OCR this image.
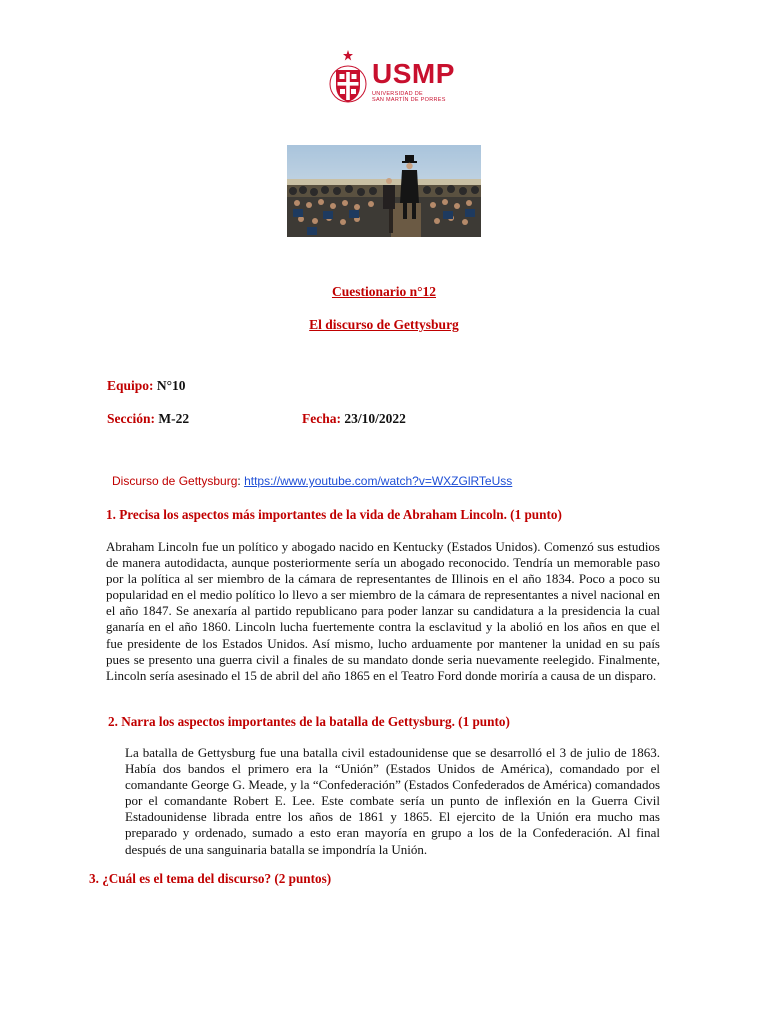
USMP
UNIVERSIDAD DE
SAN MARTÍN DE PORRES
Cuestionario n°12
El discurso de Gettysburg
Equipo: N°10
Sección: M-22	Fecha: 23/10/2022
Discurso de Gettysburg: https://www.youtube.com/watch?v=WXZGlRTeUss
1. Precisa los aspectos más importantes de la vida de Abraham Lincoln. (1 punto)
Abraham Lincoln fue un político y abogado nacido en Kentucky (Estados Unidos). Comenzó sus estudios de manera autodidacta, aunque posteriormente sería un abogado reconocido. Tendría un memorable paso por la política al ser miembro de la cámara de representantes de Illinois en el año 1834. Poco a poco su popularidad en el medio político lo llevo a ser miembro de la cámara de representantes a nivel nacional en el año 1847. Se anexaría al partido republicano para poder lanzar su candidatura a la presidencia la cual ganaría en el año 1860. Lincoln lucha fuertemente contra la esclavitud y la abolió en los años en que el fue presidente de los Estados Unidos. Así mismo, lucho arduamente por mantener la unidad en su país pues se presento una guerra civil a finales de su mandato donde seria nuevamente reelegido. Finalmente, Lincoln sería asesinado el 15 de abril del año 1865 en el Teatro Ford donde moriría a causa de un disparo.
2. Narra los aspectos importantes de la batalla de Gettysburg. (1 punto)
La batalla de Gettysburg fue una batalla civil estadounidense que se desarrolló el 3 de julio de 1863. Había dos bandos el primero era la “Unión” (Estados Unidos de América), comandado por el comandante George G. Meade, y la “Confederación” (Estados Confederados de América) comandados por el comandante Robert E. Lee. Este combate sería un punto de inflexión en la Guerra Civil Estadounidense librada entre los años de 1861 y 1865. El ejercito de la Unión era mucho mas preparado y ordenado, sumado a esto eran mayoría en grupo a los de la Confederación. Al final después de una sanguinaria batalla se impondría la Unión.
3. ¿Cuál es el tema del discurso? (2 puntos)
